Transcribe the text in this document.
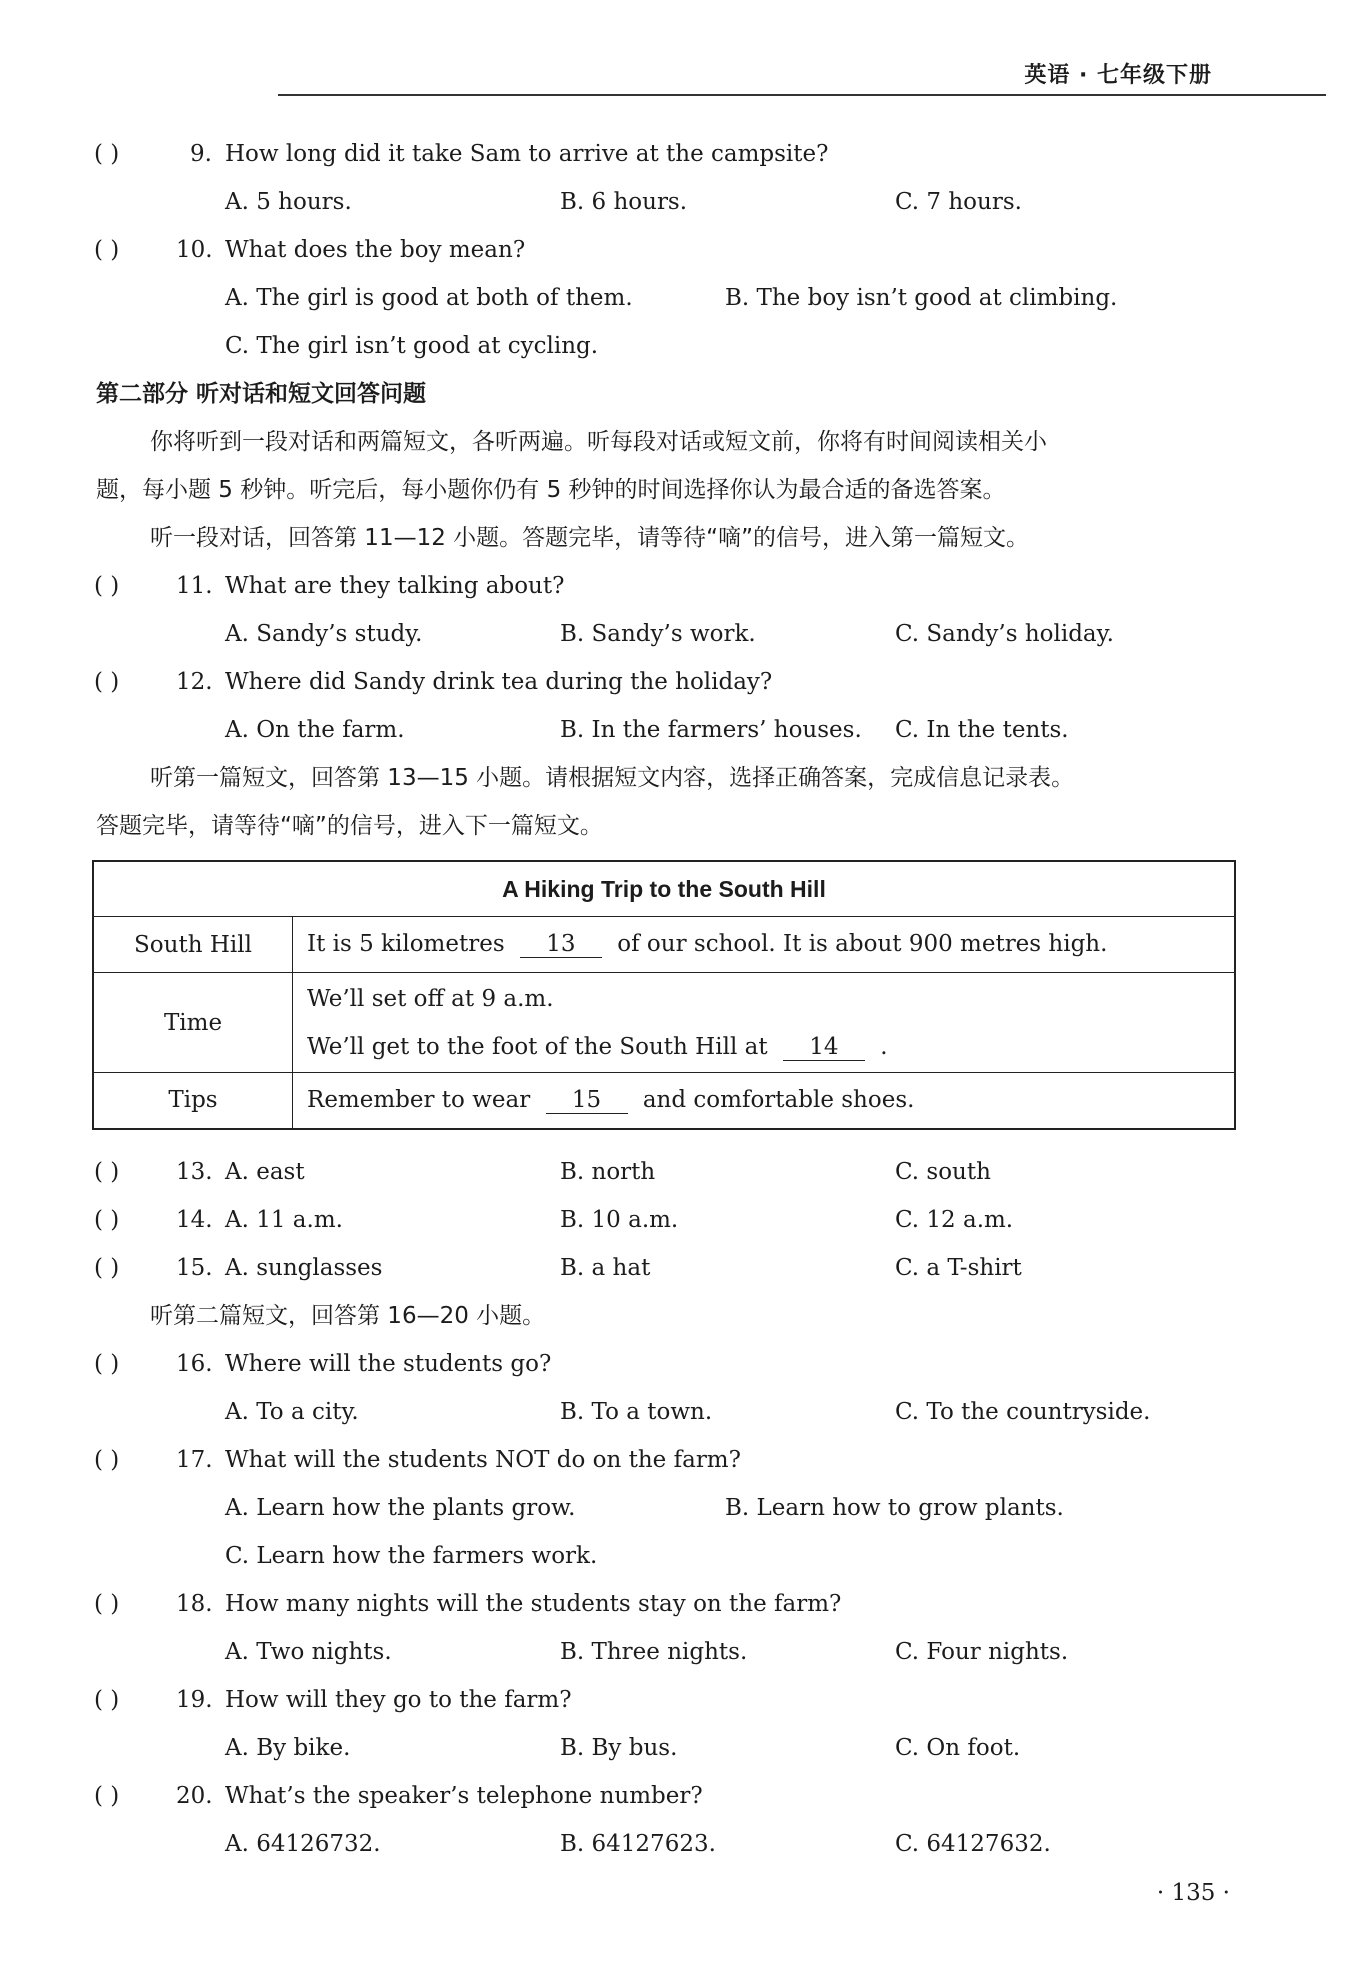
英语 · 七年级下册
( )	9. How long did it take Sam to arrive at the campsite?
A. 5 hours.	B. 6 hours.	C. 7 hours.
( ) 10. What does the boy mean?
A. The girl is good at both of them.	B. The boy isn’t good at climbing.
C. The girl isn’t good at cycling.
第二部分 听对话和短文回答问题
你将听到一段对话和两篇短文，各听两遍。听每段对话或短文前，你将有时间阅读相关小
题，每小题 5 秒钟。听完后，每小题你仍有 5 秒钟的时间选择你认为最合适的备选答案。
听一段对话，回答第 11—12 小题。答题完毕，请等待“嘀”的信号，进入第一篇短文。
( ) 11. What are they talking about?
A. Sandy’s study.	B. Sandy’s work.	C. Sandy’s holiday.
( ) 12. Where did Sandy drink tea during the holiday?
A. On the farm.	B. In the farmers’ houses. C. In the tents.
听第一篇短文，回答第 13—15 小题。请根据短文内容，选择正确答案，完成信息记录表。
答题完毕，请等待“嘀”的信号，进入下一篇短文。
A Hiking Trip to the South Hill	
South Hill	It is 5 kilometres 13 of our school. It is about 900 metres high.
Time	We’ll set off at 9 a.m.
We’ll get to the foot of the South Hill at 14 .

Tips	Remember to wear 15 and comfortable shoes.
( ) 13. A. east	B. north	C. south
( ) 14. A. 11 a.m.	B. 10 a.m.	C. 12 a.m.
( ) 15. A. sunglasses	B. a hat	C. a T-shirt
听第二篇短文，回答第 16—20 小题。
( ) 16. Where will the students go?
A. To a city.	B. To a town.	C. To the countryside.
( ) 17. What will the students NOT do on the farm?
A. Learn how the plants grow.	B. Learn how to grow plants.
C. Learn how the farmers work.
( ) 18. How many nights will the students stay on the farm?
A. Two nights.	B. Three nights.	C. Four nights.
( ) 19. How will they go to the farm?
A. By bike.	B. By bus.	C. On foot.
( ) 20. What’s the speaker’s telephone number?
A. 64126732.	B. 64127623.	C. 64127632.
· 135 ·
